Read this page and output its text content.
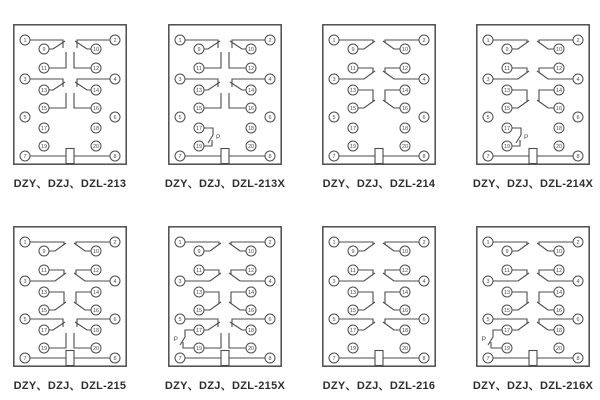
1	2
3	4
5	6
7	8
9	10
11	12
13	14
15	16
17	18
19	20
DZY、DZJ、DZL-213
P
1	2
3	4
5	6
7	8
9	10
11	12
13	14
15	16
17	18
19	20
DZY、DZJ、DZL-213X
1	2
3	4
5	6
7	8
9	10
11	12
13	14
15	16
17	18
19	20
DZY、DZJ、DZL-214
P
1	2
3	4
5	6
7	8
9	10
11	12
13	14
15	16
17	18
19	20
DZY、DZJ、DZL-214X
1	2
3	4
5	6
7	8
9	10
11	12
13	14
15	16
17	18
19	20
DZY、DZJ、DZL-215
P
1	2
3	4
5	6
7	8
9	10
11	12
13	14
15	16
17	18
19	20
DZY、DZJ、DZL-215X
1	2
3	4
5	6
7	8
9	10
11	12
13	14
15	16
17	18
19	20
DZY、DZJ、DZL-216
P
1	2
3	4
5	6
7	8
9	10
11	12
13	14
15	16
17	18
19	20
DZY、DZJ、DZL-216X
